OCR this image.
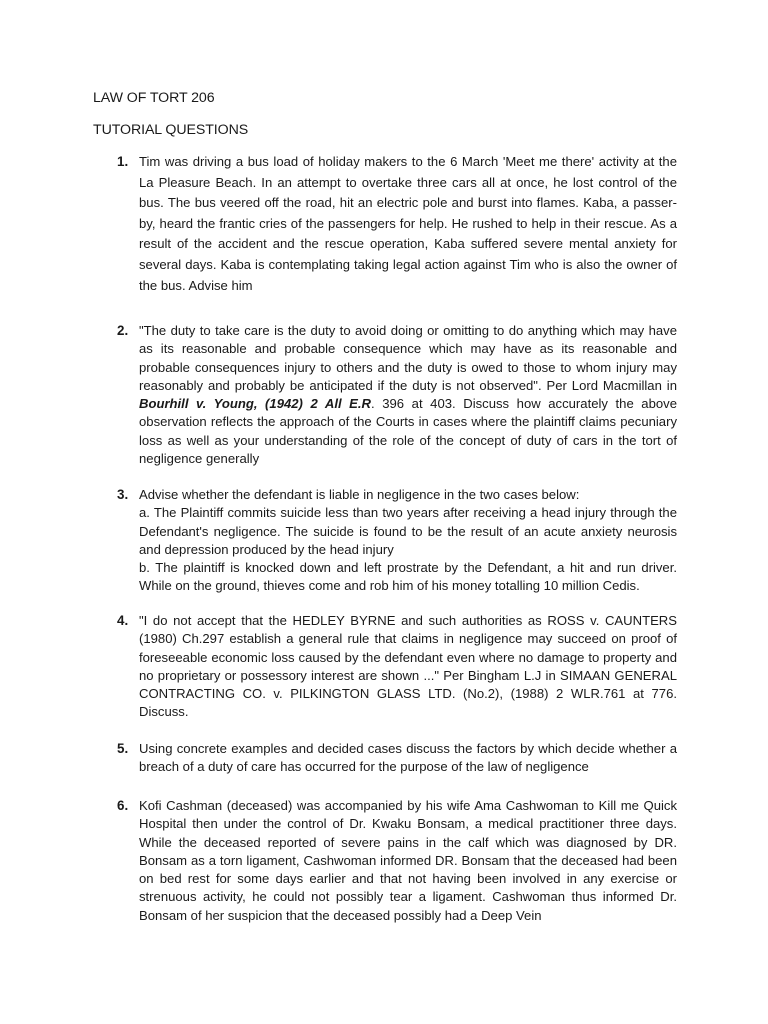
LAW OF TORT 206
TUTORIAL QUESTIONS
1. Tim was driving a bus load of holiday makers to the 6 March 'Meet me there' activity at the La Pleasure Beach. In an attempt to overtake three cars all at once, he lost control of the bus. The bus veered off the road, hit an electric pole and burst into flames. Kaba, a passer-by, heard the frantic cries of the passengers for help. He rushed to help in their rescue. As a result of the accident and the rescue operation, Kaba suffered severe mental anxiety for several days. Kaba is contemplating taking legal action against Tim who is also the owner of the bus. Advise him
2. "The duty to take care is the duty to avoid doing or omitting to do anything which may have as its reasonable and probable consequence which may have as its reasonable and probable consequences injury to others and the duty is owed to those to whom injury may reasonably and probably be anticipated if the duty is not observed". Per Lord Macmillan in Bourhill v. Young, (1942) 2 All E.R. 396 at 403. Discuss how accurately the above observation reflects the approach of the Courts in cases where the plaintiff claims pecuniary loss as well as your understanding of the role of the concept of duty of cars in the tort of negligence generally
3. Advise whether the defendant is liable in negligence in the two cases below:

a. The Plaintiff commits suicide less than two years after receiving a head injury through the Defendant's negligence. The suicide is found to be the result of an acute anxiety neurosis and depression produced by the head injury

b. The plaintiff is knocked down and left prostrate by the Defendant, a hit and run driver. While on the ground, thieves come and rob him of his money totalling 10 million Cedis.

4. "I do not accept that the HEDLEY BYRNE and such authorities as ROSS v. CAUNTERS (1980) Ch.297 establish a general rule that claims in negligence may succeed on proof of foreseeable economic loss caused by the defendant even where no damage to property and no proprietary or possessory interest are shown ..." Per Bingham L.J in SIMAAN GENERAL CONTRACTING CO. v. PILKINGTON GLASS LTD. (No.2), (1988) 2 WLR.761 at 776. Discuss.
5. Using concrete examples and decided cases discuss the factors by which decide whether a breach of a duty of care has occurred for the purpose of the law of negligence
6. Kofi Cashman (deceased) was accompanied by his wife Ama Cashwoman to Kill me Quick Hospital then under the control of Dr. Kwaku Bonsam, a medical practitioner three days. While the deceased reported of severe pains in the calf which was diagnosed by DR. Bonsam as a torn ligament, Cashwoman informed DR. Bonsam that the deceased had been on bed rest for some days earlier and that not having been involved in any exercise or strenuous activity, he could not possibly tear a ligament. Cashwoman thus informed Dr. Bonsam of her suspicion that the deceased possibly had a Deep Vein
